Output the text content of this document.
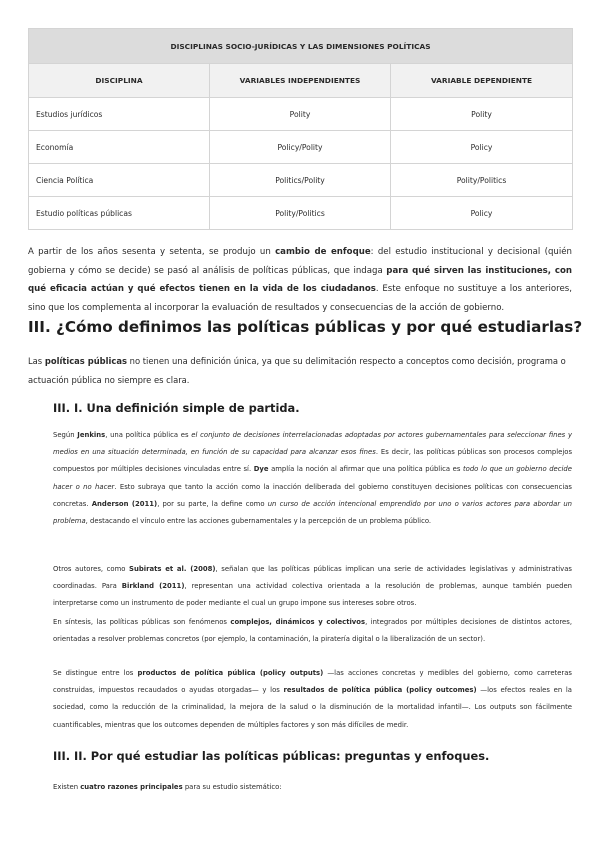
DISCIPLINAS SOCIO-JURÍDICAS Y LAS DIMENSIONES POLÍTICAS		
DISCIPLINA	VARIABLES INDEPENDIENTES	VARIABLE DEPENDIENTE
Estudios jurídicos	Polity	Polity
Economía	Policy/Polity	Policy
Ciencia Política	Politics/Polity	Polity/Politics
Estudio políticas públicas	Polity/Politics	Policy

A partir de los años sesenta y setenta, se produjo un cambio de enfoque: del estudio institucional y decisional (quién gobierna y cómo se decide) se pasó al análisis de políticas públicas, que indaga para qué sirven las instituciones, con qué eficacia actúan y qué efectos tienen en la vida de los ciudadanos. Este enfoque no sustituye a los anteriores, sino que los complementa al incorporar la evaluación de resultados y consecuencias de la acción de gobierno.

III. ¿Cómo definimos las políticas públicas y por qué estudiarlas?

Las políticas públicas no tienen una definición única, ya que su delimitación respecto a conceptos como decisión, programa o actuación pública no siempre es clara.

III. I. Una definición simple de partida.

Según Jenkins, una política pública es el conjunto de decisiones interrelacionadas adoptadas por actores gubernamentales para seleccionar fines y medios en una situación determinada, en función de su capacidad para alcanzar esos fines. Es decir, las políticas públicas son procesos complejos compuestos por múltiples decisiones vinculadas entre sí. Dye amplía la noción al afirmar que una política pública es todo lo que un gobierno decide hacer o no hacer. Esto subraya que tanto la acción como la inacción deliberada del gobierno constituyen decisiones políticas con consecuencias concretas. Anderson (2011), por su parte, la define como un curso de acción intencional emprendido por uno o varios actores para abordar un problema, destacando el vínculo entre las acciones gubernamentales y la percepción de un problema público.

Otros autores, como Subirats et al. (2008), señalan que las políticas públicas implican una serie de actividades legislativas y administrativas coordinadas. Para Birkland (2011), representan una actividad colectiva orientada a la resolución de problemas, aunque también pueden interpretarse como un instrumento de poder mediante el cual un grupo impone sus intereses sobre otros.

En síntesis, las políticas públicas son fenómenos complejos, dinámicos y colectivos, integrados por múltiples decisiones de distintos actores, orientadas a resolver problemas concretos (por ejemplo, la contaminación, la piratería digital o la liberalización de un sector).

Se distingue entre los productos de política pública (policy outputs) —las acciones concretas y medibles del gobierno, como carreteras construidas, impuestos recaudados o ayudas otorgadas— y los resultados de política pública (policy outcomes) —los efectos reales en la sociedad, como la reducción de la criminalidad, la mejora de la salud o la disminución de la mortalidad infantil—. Los outputs son fácilmente cuantificables, mientras que los outcomes dependen de múltiples factores y son más difíciles de medir.

III. II. Por qué estudiar las políticas públicas: preguntas y enfoques.

Existen cuatro razones principales para su estudio sistemático:
